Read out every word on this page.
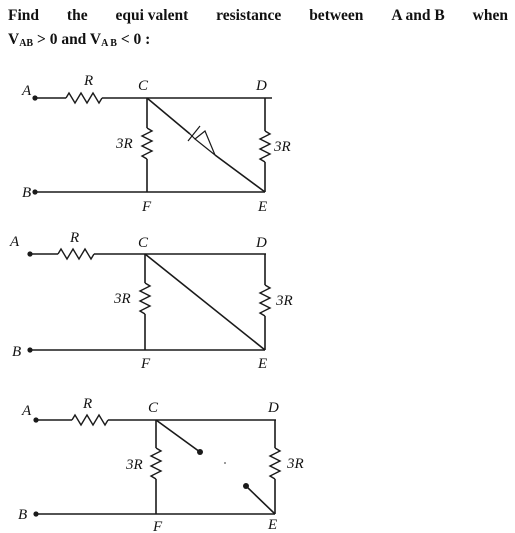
Find the equi valent resistance between A and B when
$V_{AB} > 0$ and $V_{A B} < 0$ :
A
B
R	C	D
3R	3R
F	E
A
B
R	C	D
3R	3R
F	E
A
B
R	C	D
3R	3R
F	E
